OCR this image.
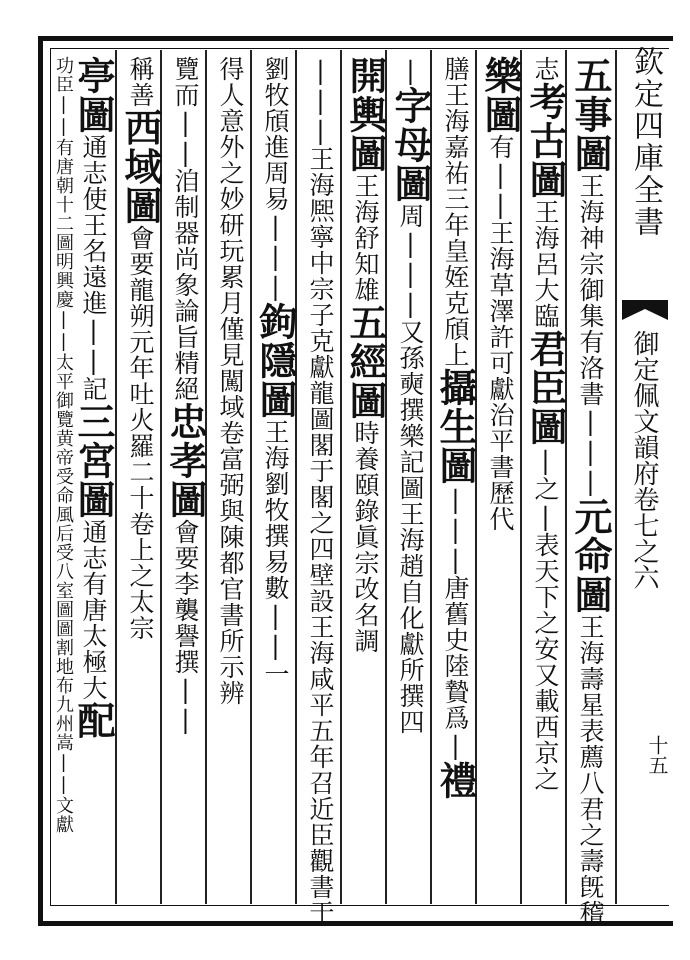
欽定四庫全書
御定佩文韻府卷七之六
十五
五事圖王海神宗御集有洛書|||元命圖王海壽星表薦八君之壽旣稽
志考古圖王海呂大臨君臣圖|之|表天下之安又載西京之
樂圖有||王海草澤許可獻治平書歷代
膳王海嘉祐三年皇姪克頎上攝生圖|||唐舊史陸贄爲|禮
|字母圖周|||又孫奭撰樂記圖王海趙自化獻所撰四
開輿圖王海舒知雄五經圖時養頤錄眞宗改名調
|||王海熈寧中宗子克獻龍圖閣于閣之四壁設王海咸平五年召近臣觀書于
劉牧頎進周易|||鉤隱圖王海劉牧撰易數||一
得人意外之妙研玩累月僅見闖域卷富弼與陳都官書所示辨
覽而||洎制器尚象論旨精絕忠孝圖會要李襲譽撰||
稱善西域圖會要龍朔元年吐火羅二十卷上之太宗
亭圖通志使王名遠進||記三宮圖通志有唐太極大配
功臣||有唐朝十二圖明興慶||太平御覽黄帝受命風后受八室圖圖割地布九州嵩||文獻
